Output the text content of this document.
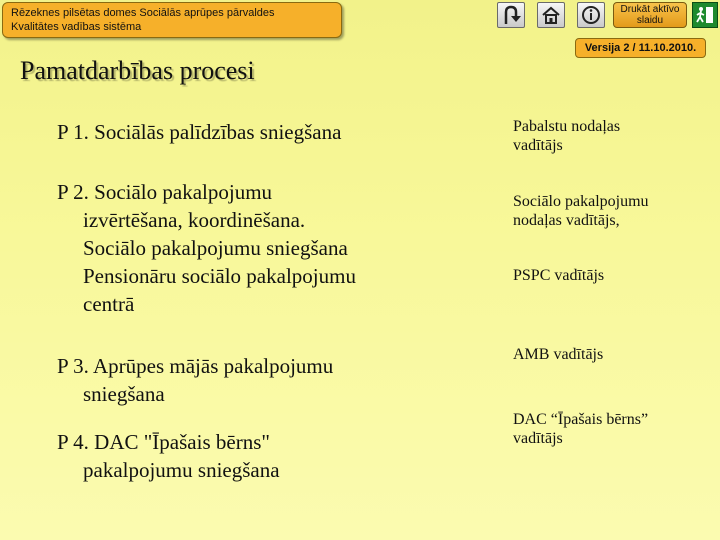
Rēzeknes pilsētas domes Sociālās aprūpes pārvaldes
Kvalitātes vadības sistēma
Drukāt aktīvo
slaidu
Versija 2 / 11.10.2010.
Pamatdarbības procesi
P 1. Sociālās palīdzības sniegšana
P 2. Sociālo pakalpojumu
izvērtēšana, koordinēšana.
Sociālo pakalpojumu sniegšana
Pensionāru sociālo pakalpojumu
centrā
P 3. Aprūpes mājās pakalpojumu
sniegšana
P 4. DAC "Īpašais bērns"
pakalpojumu sniegšana
Pabalstu nodaļas
vadītājs
Sociālo pakalpojumu
nodaļas vadītājs,
PSPC vadītājs
AMB vadītājs
DAC “Īpašais bērns”
vadītājs
